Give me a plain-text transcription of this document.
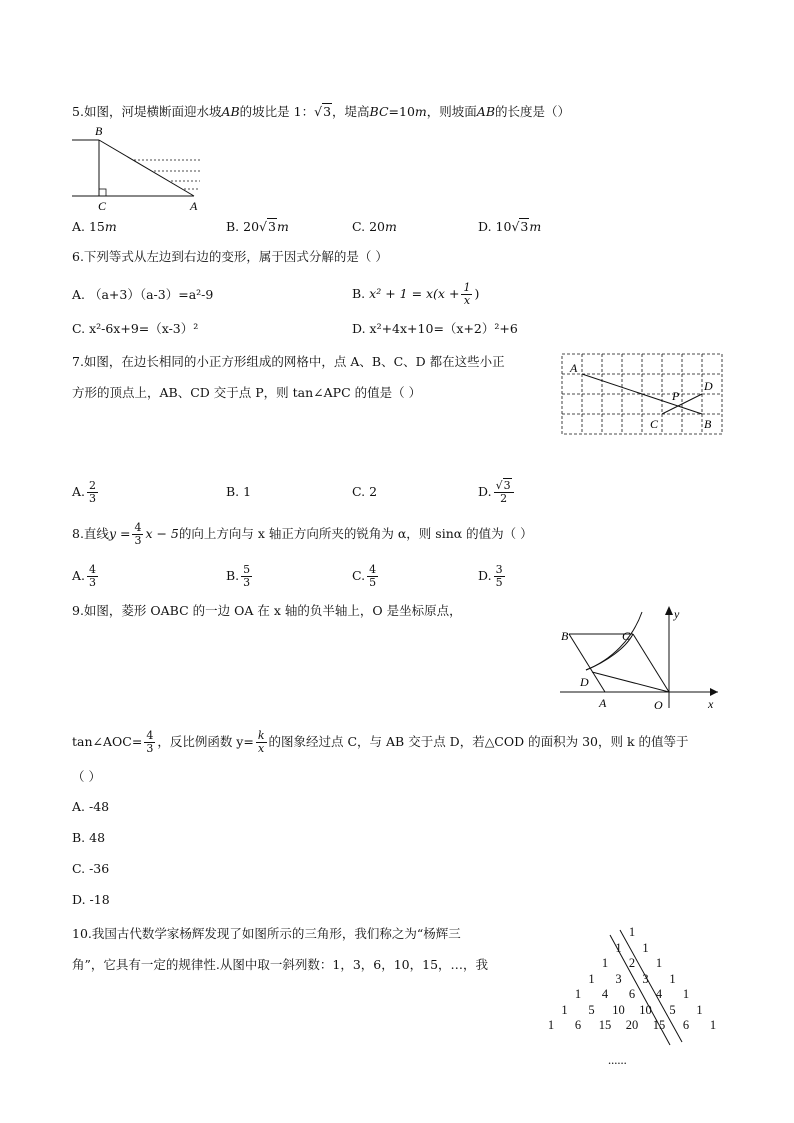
5.如图，河堤横断面迎水坡AB的坡比是 1：√3，堤高BC=10m，则坡面AB的长度是（）
B
C	A
A. 15m	B. 20√3m	C. 20m	D. 10√3m
6.下列等式从左边到右边的变形，属于因式分解的是（ ）
A. （a+3）（a-3）=a²-9	B. $x^2 + 1 = x(x + \frac{1}{x}$ )
C. x²-6x+9=（x-3）²	D. x²+4x+10=（x+2）²+6
7.如图，在边长相同的小正方形组成的网格中，点 A、B、C、D 都在这些小正
方形的顶点上，AB、CD 交于点 P，则 tan∠APC 的值是（ ）
A
P
D
C	B
A. $\frac{2}{3}$	B. 1	C. 2	D. $\frac{√3}{2}$
8.直线$y = \frac{4}{3}$ x − 5的向上方向与 x 轴正方向所夹的锐角为 α，则 sinα 的值为（ ）
A. $\frac{4}{3}$	B. $\frac{5}{3}$	C. $\frac{4}{5}$	D. $\frac{3}{5}$
9.如图，菱形 OABC 的一边 OA 在 x 轴的负半轴上，O 是坐标原点，	y
B	C
D
A	O	x
tan∠AOC= $\frac{4}{3}$ ，反比例函数 $y= \frac{k}{x}$ 的图象经过点 C，与 AB 交于点 D，若△COD 的面积为 30，则 k 的值等于
（ ）
A. -48
B. 48
C. -36
D. -18
10.我国古代数学家杨辉发现了如图所示的三角形，我们称之为“杨辉三
角”，它具有一定的规律性.从图中取一斜列数：1，3，6，10，15，…，我
1
1	1
1	2	1
1	3	3	1
1	4	6	4	1
1	5	10 10	5	1
1	6	15 20 15	6	1
......
